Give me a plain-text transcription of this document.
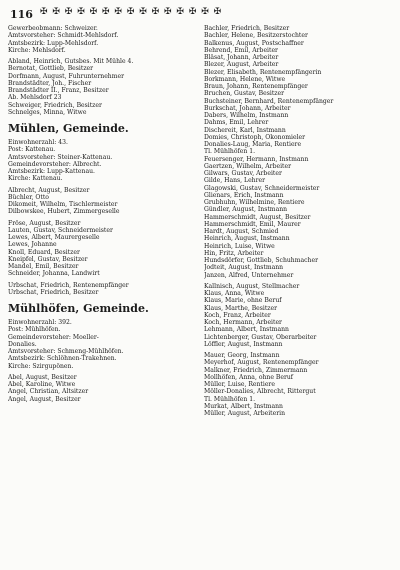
116 ✠ ✠ ✠ ✠ ✠ ✠ ✠ ✠ ✠ ✠ ✠ ✠ ✠ ✠ ✠
Gewerbeobmann: Schweizer.
Amtsvorsteher: Schmidt-Mehlsdorf.
Amtsbezirk: Lupp-Mehlsdorf.
Kirche: Mehlsdorf.
Abland, Heinrich, Gutsbes. Mit Mühle 4.
Bernotat, Gottlieb, Besitzer
Dorfmann, August, Fuhrunternehmer
Brandstädter, Joh., Fischer
Brandstädter II., Franz, Besitzer
Ab. Mehlsdorf 23
Schweiger, Friedrich, Besitzer
Schnelges, Minna, Witwe
Mühlen, Gemeinde.
Einwohnerzahl: 43.
Post: Kattenau.
Amtsvorsteher: Steiner-Kattenau.
Gemeindevorsteher: Albrecht.
Amtsbezirk: Lupp-Kattenau.
Kirche: Kattenau.
Albrecht, August, Besitzer
Büchler, Otto
Dikomeit, Wilhelm, Tischlermeister
Dilbowskee, Hubert, Zimmergeselle
Fröse, August, Besitzer
Lauten, Gustav, Schneidermeister
Lewes, Albert, Maurergeselle
Lewes, Johanne
Knoll, Eduard, Besitzer
Kneipfel, Gustav, Besitzer
Mandel, Emil, Besitzer
Schneider, Johanna, Landwirt
Urbschat, Friedrich, Rentenempfänger
Urbschat, Friedrich, Besitzer
Mühlhöfen, Gemeinde.
Einwohnerzahl: 392.
Post: Mühlhöfen.
Gemeindevorsteher: Moeller-
Donalies.
Amtsvorsteher: Schmeng-Mühlhöfen.
Amtsbezirk: Schlöhnen-Trakehnen.
Kirche: Szirgupönen.
Abel, August, Besitzer
Abel, Karoline, Witwe
Angel, Christian, Altsitzer
Angel, August, Besitzer
Bachler, Friedrich, Besitzer
Bachler, Helene, Besitzerstochter
Balkenus, August, Postschaffner
Behrend, Emil, Arbeiter
Bläsat, Johann, Arbeiter
Blezer, August, Arbeiter
Blezer, Elisabeth, Rentenempfängerin
Borkmann, Helene, Witwe
Braun, Johann, Rentenempfänger
Bruchen, Gustav, Besitzer
Buchsteiner, Bernhard, Rentenempfänger
Burkschat, Johann, Arbeiter
Dabers, Wilhelm, Instmann
Dahms, Emil, Lehrer
Dischereit, Karl, Instmann
Domies, Christoph, Ökonomieler
Donalies-Laug, Maria, Rentiere
Tl. Mühlhöfen 1.
Feuersenger, Hermann, Instmann
Gaertzen, Wilhelm, Arbeiter
Gilwars, Gustav, Arbeiter
Gilde, Hans, Lehrer
Glagowski, Gustav, Schneidermeister
Glienars, Erich, Instmann
Grubhuhn, Wilhelmine, Rentiere
Gündler, August, Instmann
Hammerschmidt, August, Besitzer
Hammerschmidt, Emil, Maurer
Hardt, August, Schmied
Heinrich, August, Instmann
Heinrich, Luise, Witwe
Hin, Fritz, Arbeiter
Hundsdörfer, Gottlieb, Schuhmacher
Jodteit, August, Instmann
Janzen, Alfred, Unternehmer
Kallnisch, August, Stellmacher
Klaus, Anna, Witwe
Klaus, Marie, ohne Beruf
Klaus, Marthe, Besitzer
Koch, Franz, Arbeiter
Koch, Hermann, Arbeiter
Lehmann, Albert, Instmann
Lichtenberger, Gustav, Oberarbeiter
Löffler, August, Instmann
Mauer, Georg, Instmann
Meyerhof, August, Rentenempfänger
Malkner, Friedrich, Zimmermann
Mollhöfen, Anna, ohne Beruf
Müller, Luise, Rentiere
Möller-Donalies, Albrecht, Rittergut
Tl. Mühlhöfen 1.
Murkat, Albert, Instmann
Müller, August, Arbeiterin
